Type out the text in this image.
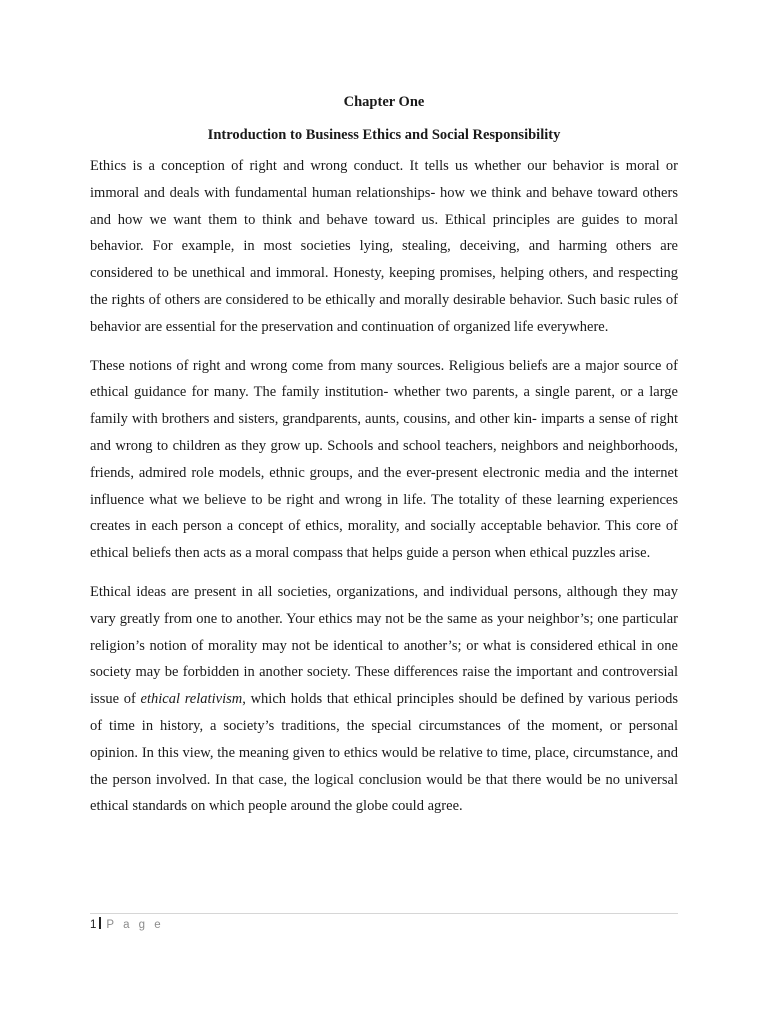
Chapter One
Introduction to Business Ethics and Social Responsibility

Ethics is a conception of right and wrong conduct. It tells us whether our behavior is moral or immoral and deals with fundamental human relationships- how we think and behave toward others and how we want them to think and behave toward us. Ethical principles are guides to moral behavior. For example, in most societies lying, stealing, deceiving, and harming others are considered to be unethical and immoral. Honesty, keeping promises, helping others, and respecting the rights of others are considered to be ethically and morally desirable behavior. Such basic rules of behavior are essential for the preservation and continuation of organized life everywhere.

These notions of right and wrong come from many sources. Religious beliefs are a major source of ethical guidance for many. The family institution- whether two parents, a single parent, or a large family with brothers and sisters, grandparents, aunts, cousins, and other kin- imparts a sense of right and wrong to children as they grow up. Schools and school teachers, neighbors and neighborhoods, friends, admired role models, ethnic groups, and the ever-present electronic media and the internet influence what we believe to be right and wrong in life. The totality of these learning experiences creates in each person a concept of ethics, morality, and socially acceptable behavior. This core of ethical beliefs then acts as a moral compass that helps guide a person when ethical puzzles arise.

Ethical ideas are present in all societies, organizations, and individual persons, although they may vary greatly from one to another. Your ethics may not be the same as your neighbor’s; one particular religion’s notion of morality may not be identical to another’s; or what is considered ethical in one society may be forbidden in another society. These differences raise the important and controversial issue of ethical relativism, which holds that ethical principles should be defined by various periods of time in history, a society’s traditions, the special circumstances of the moment, or personal opinion. In this view, the meaning given to ethics would be relative to time, place, circumstance, and the person involved. In that case, the logical conclusion would be that there would be no universal ethical standards on which people around the globe could agree.

1 P a g e
